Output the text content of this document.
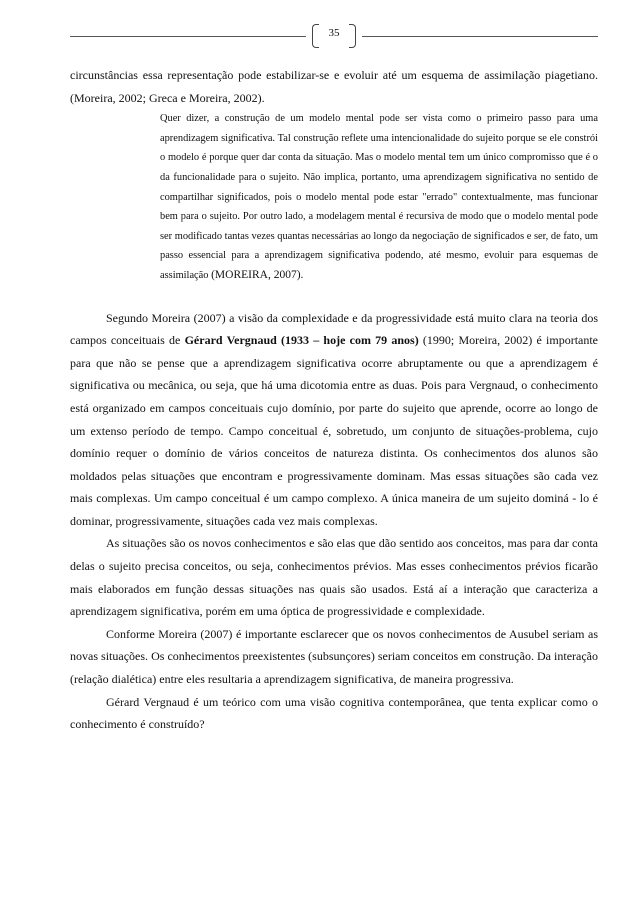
35

circunstâncias essa representação pode estabilizar-se e evoluir até um esquema de assimilação piagetiano. (Moreira, 2002; Greca e Moreira, 2002).

Quer dizer, a construção de um modelo mental pode ser vista como o primeiro passo para uma aprendizagem significativa. Tal construção reflete uma intencionalidade do sujeito porque se ele constrói o modelo é porque quer dar conta da situação. Mas o modelo mental tem um único compromisso que é o da funcionalidade para o sujeito. Não implica, portanto, uma aprendizagem significativa no sentido de compartilhar significados, pois o modelo mental pode estar "errado" contextualmente, mas funcionar bem para o sujeito. Por outro lado, a modelagem mental é recursiva de modo que o modelo mental pode ser modificado tantas vezes quantas necessárias ao longo da negociação de significados e ser, de fato, um passo essencial para a aprendizagem significativa podendo, até mesmo, evoluir para esquemas de assimilação (MOREIRA, 2007).

Segundo Moreira (2007) a visão da complexidade e da progressividade está muito clara na teoria dos campos conceituais de Gérard Vergnaud (1933 – hoje com 79 anos) (1990; Moreira, 2002) é importante para que não se pense que a aprendizagem significativa ocorre abruptamente ou que a aprendizagem é significativa ou mecânica, ou seja, que há uma dicotomia entre as duas. Pois para Vergnaud, o conhecimento está organizado em campos conceituais cujo domínio, por parte do sujeito que aprende, ocorre ao longo de um extenso período de tempo. Campo conceitual é, sobretudo, um conjunto de situações-problema, cujo domínio requer o domínio de vários conceitos de natureza distinta. Os conhecimentos dos alunos são moldados pelas situações que encontram e progressivamente dominam. Mas essas situações são cada vez mais complexas. Um campo conceitual é um campo complexo. A única maneira de um sujeito dominá - lo é dominar, progressivamente, situações cada vez mais complexas.

As situações são os novos conhecimentos e são elas que dão sentido aos conceitos, mas para dar conta delas o sujeito precisa conceitos, ou seja, conhecimentos prévios. Mas esses conhecimentos prévios ficarão mais elaborados em função dessas situações nas quais são usados. Está aí a interação que caracteriza a aprendizagem significativa, porém em uma óptica de progressividade e complexidade.

Conforme Moreira (2007) é importante esclarecer que os novos conhecimentos de Ausubel seriam as novas situações. Os conhecimentos preexistentes (subsunçores) seriam conceitos em construção. Da interação (relação dialética) entre eles resultaria a aprendizagem significativa, de maneira progressiva.

Gérard Vergnaud é um teórico com uma visão cognitiva contemporânea, que tenta explicar como o conhecimento é construído?
